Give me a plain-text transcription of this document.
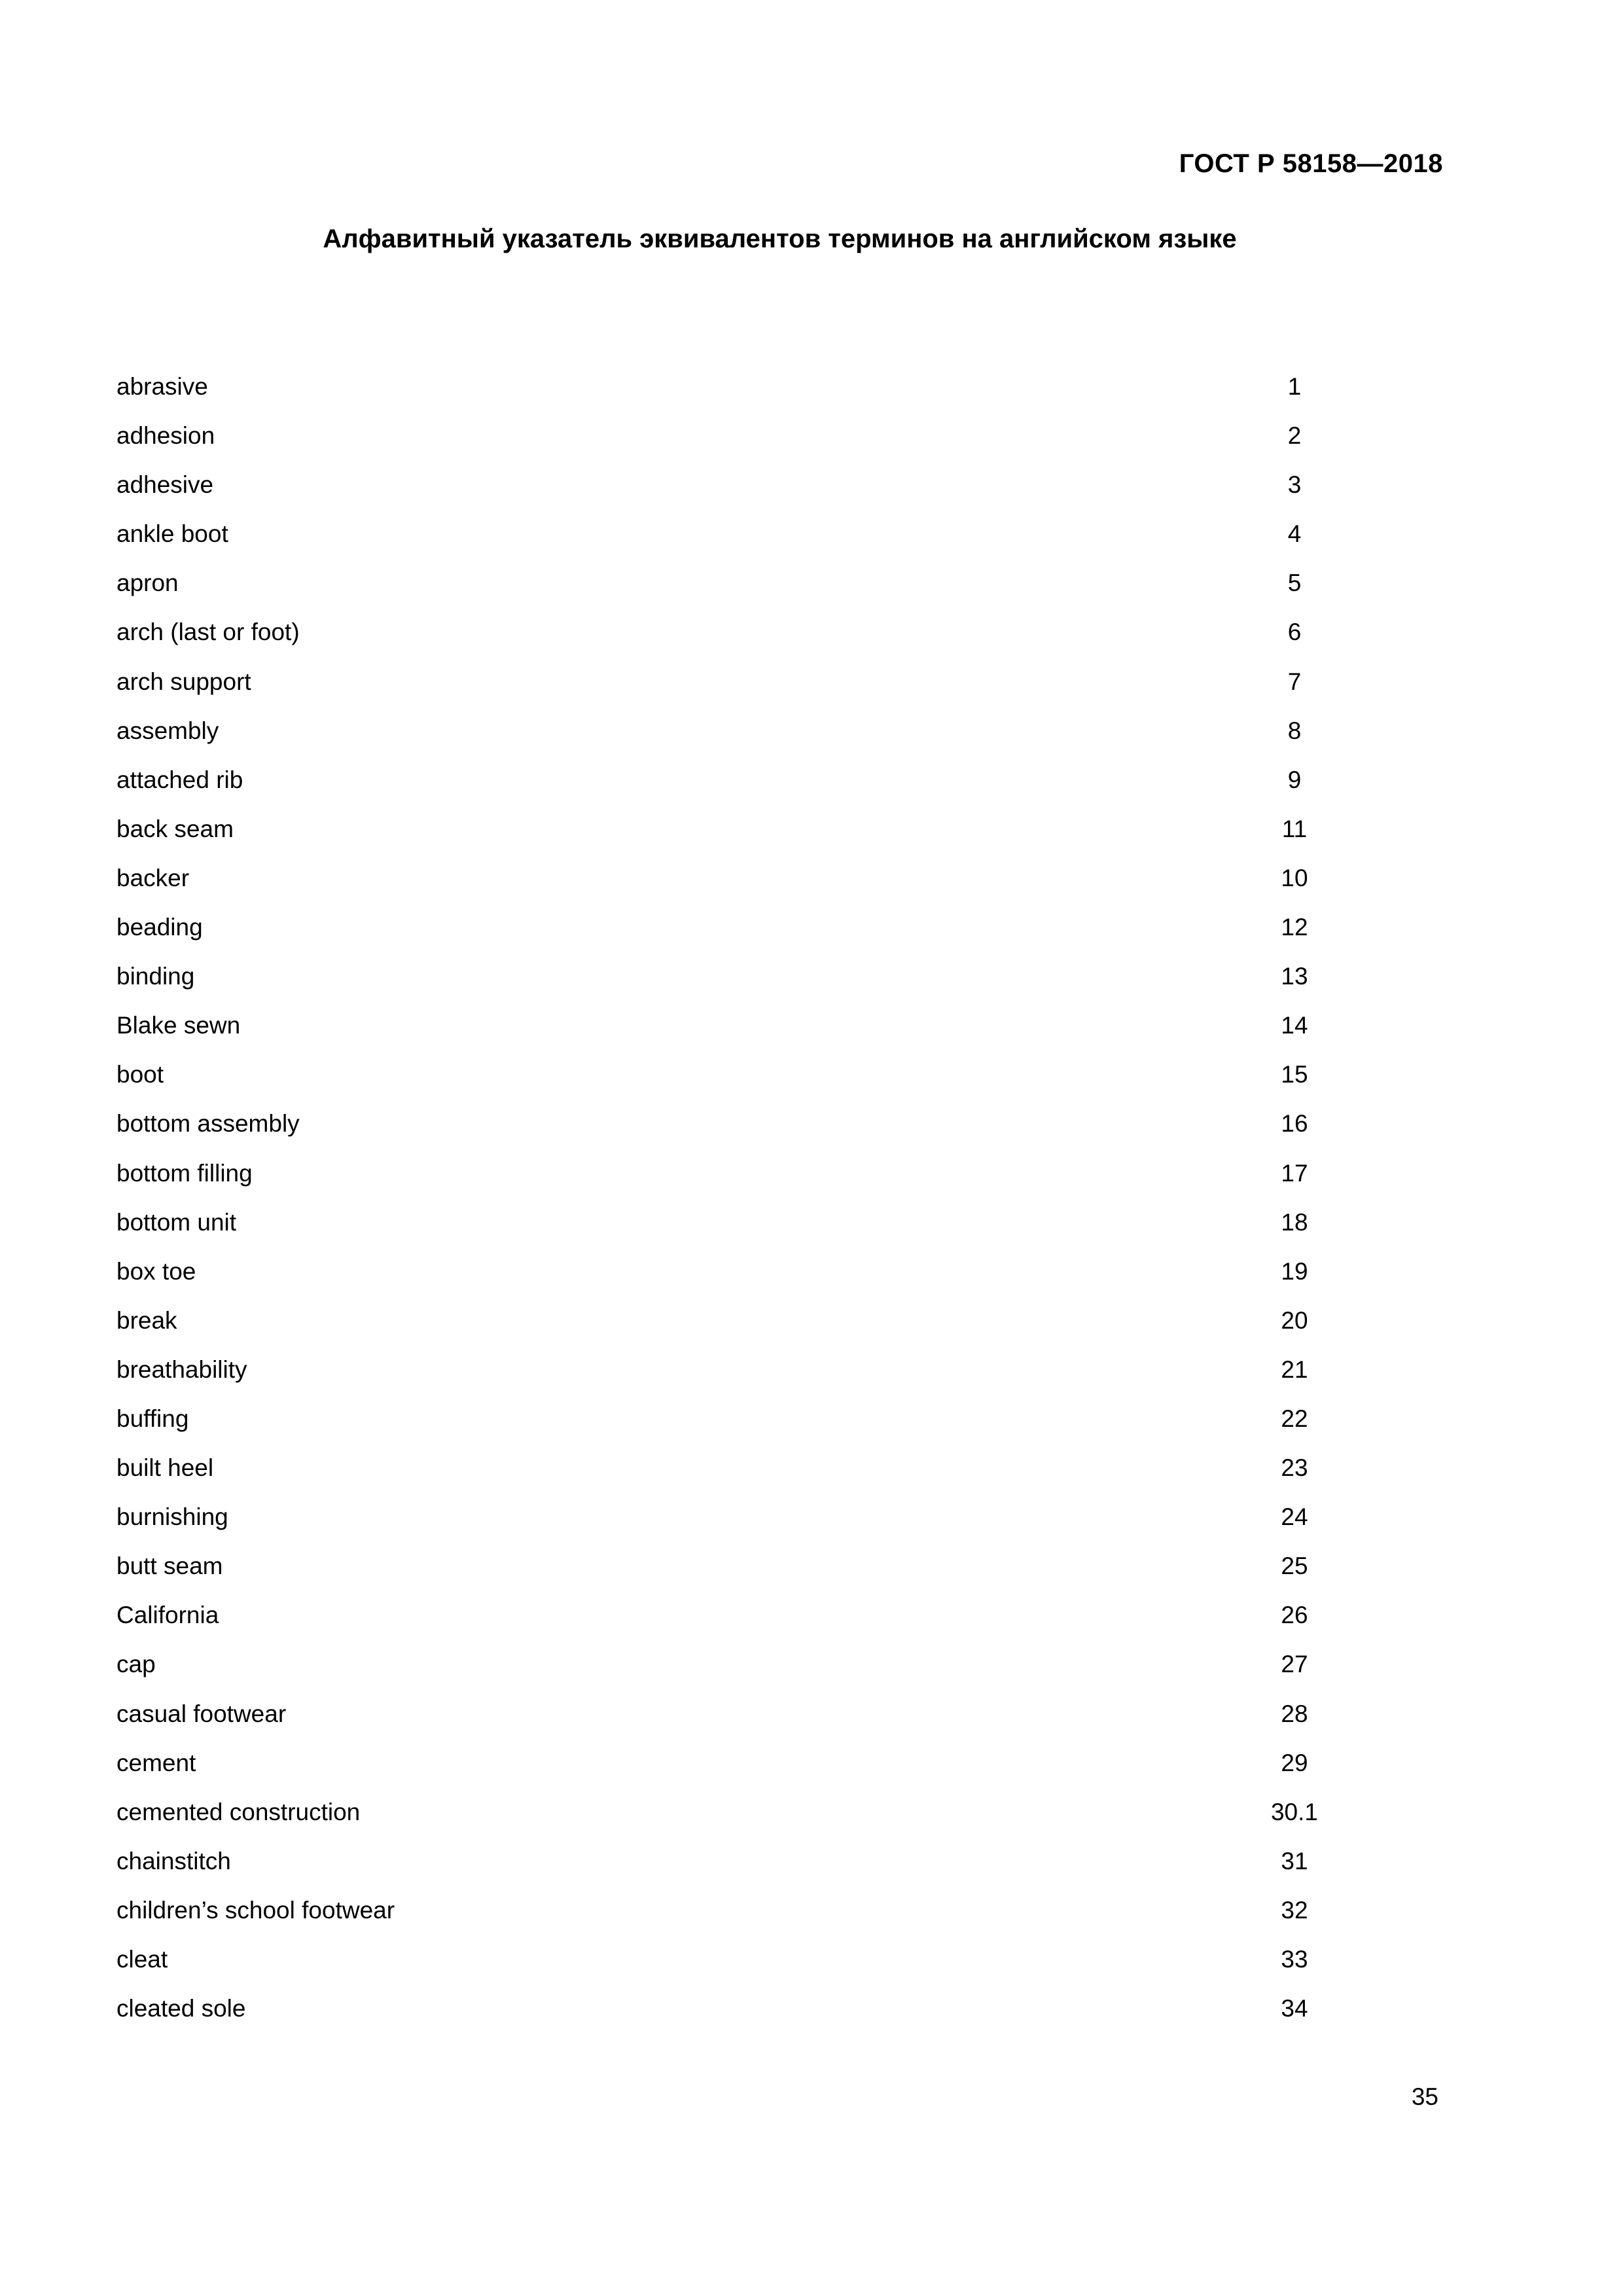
ГОСТ Р 58158—2018
Алфавитный указатель эквивалентов терминов на английском языке
abrasive	1
adhesion	2
adhesive	3
ankle boot	4
apron	5
arch (last or foot)	6
arch support	7
assembly	8
attached rib	9
back seam	11
backer	10
beading	12
binding	13
Blake sewn	14
boot	15
bottom assembly	16
bottom filling	17
bottom unit	18
box toe	19
break	20
breathability	21
buffing	22
built heel	23
burnishing	24
butt seam	25
California	26
cap	27
casual footwear	28
cement	29
cemented construction	30.1
chainstitch	31
children’s school footwear	32
cleat	33
cleated sole	34
35
